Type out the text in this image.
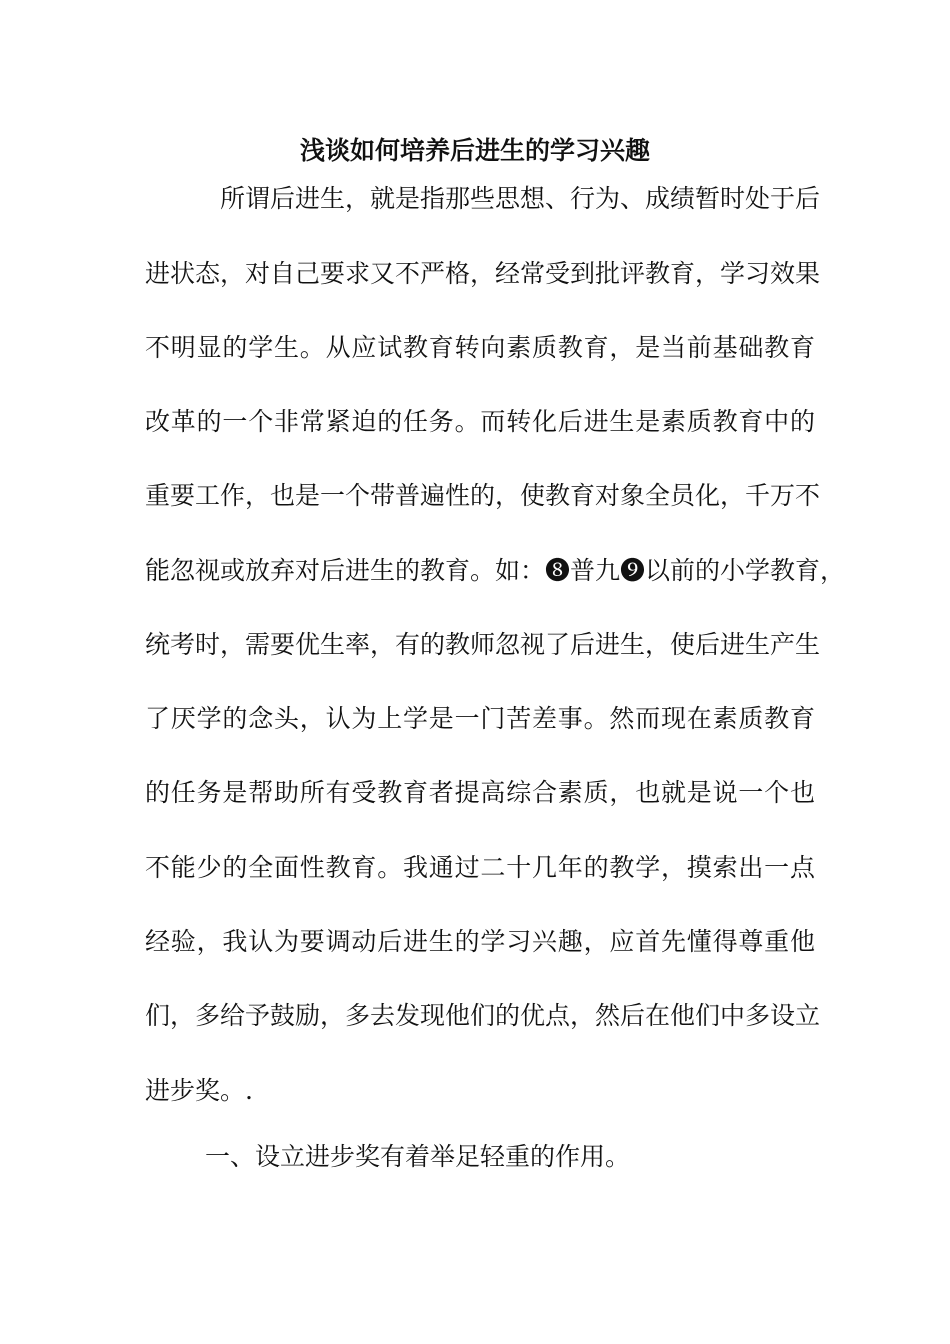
浅谈如何培养后进生的学习兴趣
所谓后进生，就是指那些思想、行为、成绩暂时处于后
进状态，对自己要求又不严格，经常受到批评教育，学习效果
不明显的学生。从应试教育转向素质教育，是当前基础教育
改革的一个非常紧迫的任务。而转化后进生是素质教育中的
重要工作，也是一个带普遍性的，使教育对象全员化，千万不
能忽视或放弃对后进生的教育。如：❽普九❾以前的小学教育，
统考时，需要优生率，有的教师忽视了后进生，使后进生产生
了厌学的念头，认为上学是一门苦差事。然而现在素质教育
的任务是帮助所有受教育者提高综合素质，也就是说一个也
不能少的全面性教育。我通过二十几年的教学，摸索出一点
经验，我认为要调动后进生的学习兴趣，应首先懂得尊重他
们，多给予鼓励，多去发现他们的优点，然后在他们中多设立
进步奖。.
一、设立进步奖有着举足轻重的作用。
